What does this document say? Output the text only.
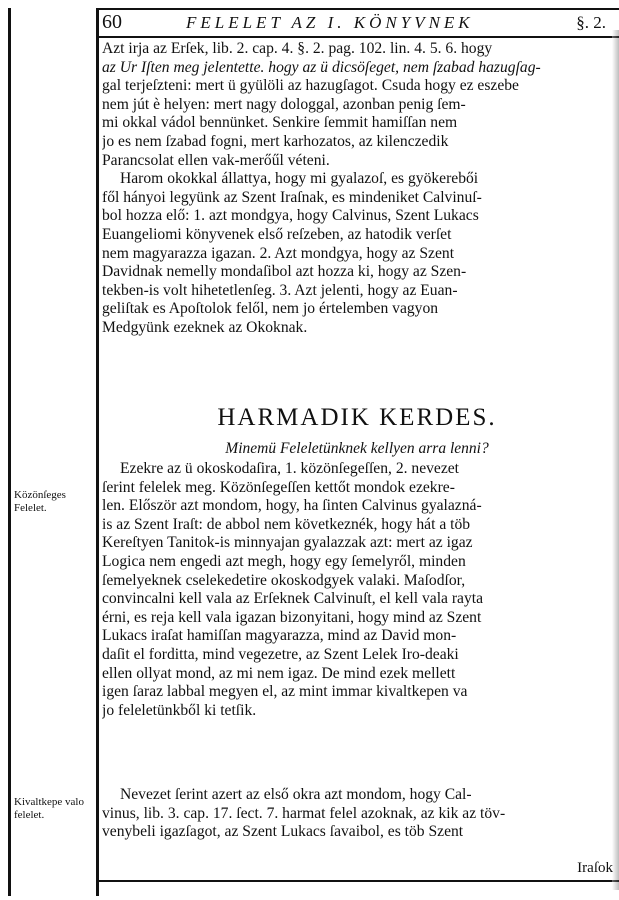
60	FELELET AZ I. KÖNYVNEK	§. 2.
Azt irja az Erſek, lib. 2. cap. 4. §. 2. pag. 102. lin. 4. 5. 6. hogy
az Ur Iſten meg jelentette. hogy az ü dicsöſeget, nem ſzabad hazugſag-
gal terjeſzteni: mert ü gyülöli az hazugſagot. Csuda hogy ez eszebe
nem jút è helyen: mert nagy dologgal, azonban penig ſem-
mi okkal vádol bennünket. Senkire ſemmit hamiſſan nem
jo es nem ſzabad fogni, mert karhozatos, az kilenczedik
Parancsolat ellen vak-merőűl véteni.
Harom okokkal állattya, hogy mi gyalazoſ, es gyökerebői
fől hányoi legyünk az Szent Iraſnak, es mindeniket Calvinuſ-
bol hozza elő: 1. azt mondgya, hogy Calvinus, Szent Lukacs
Euangeliomi könyvenek első reſzeben, az hatodik verſet
nem magyarazza igazan. 2. Azt mondgya, hogy az Szent
Davidnak nemelly mondaſibol azt hozza ki, hogy az Szen-
tekben-is volt hihetetlenſeg. 3. Azt jelenti, hogy az Euan-
geliſtak es Apoſtolok felől, nem jo értelemben vagyon
Medgyünk ezeknek az Okoknak.
HARMADIK KERDES.
Minemü Feleletünknek kellyen arra lenni?
Ezekre az ü okoskodaſira, 1. közönſegeſſen, 2. nevezet
ſerint felelek meg. Közönſegeſſen kettőt mondok ezekre-
len. Először azt mondom, hogy, ha ſinten Calvinus gyalazná-
is az Szent Iraſt: de abbol nem következnék, hogy hát a töb
Kereſtyen Tanitok-is minnyajan gyalazzak azt: mert az igaz
Logica nem engedi azt megh, hogy egy ſemelyről, minden
ſemelyeknek cselekedetire okoskodgyek valaki. Maſodſor,
convincalni kell vala az Erſeknek Calvinuſt, el kell vala rayta
érni, es reja kell vala igazan bizonyitani, hogy mind az Szent
Lukacs iraſat hamiſſan magyarazza, mind az David mon-
daſit el forditta, mind vegezetre, az Szent Lelek Iro-deaki
ellen ollyat mond, az mi nem igaz. De mind ezek mellett
igen ſaraz labbal megyen el, az mint immar kivaltkepen va
jo feleletünkből ki tetſik.
Nevezet ſerint azert az első okra azt mondom, hogy Cal-
vinus, lib. 3. cap. 17. ſect. 7. harmat felel azoknak, az kik az töv-
venybeli igazſagot, az Szent Lukacs ſavaibol, es töb Szent
Közönſeges Felelet.
Kivaltkepe valo felelet.
Iraſok
